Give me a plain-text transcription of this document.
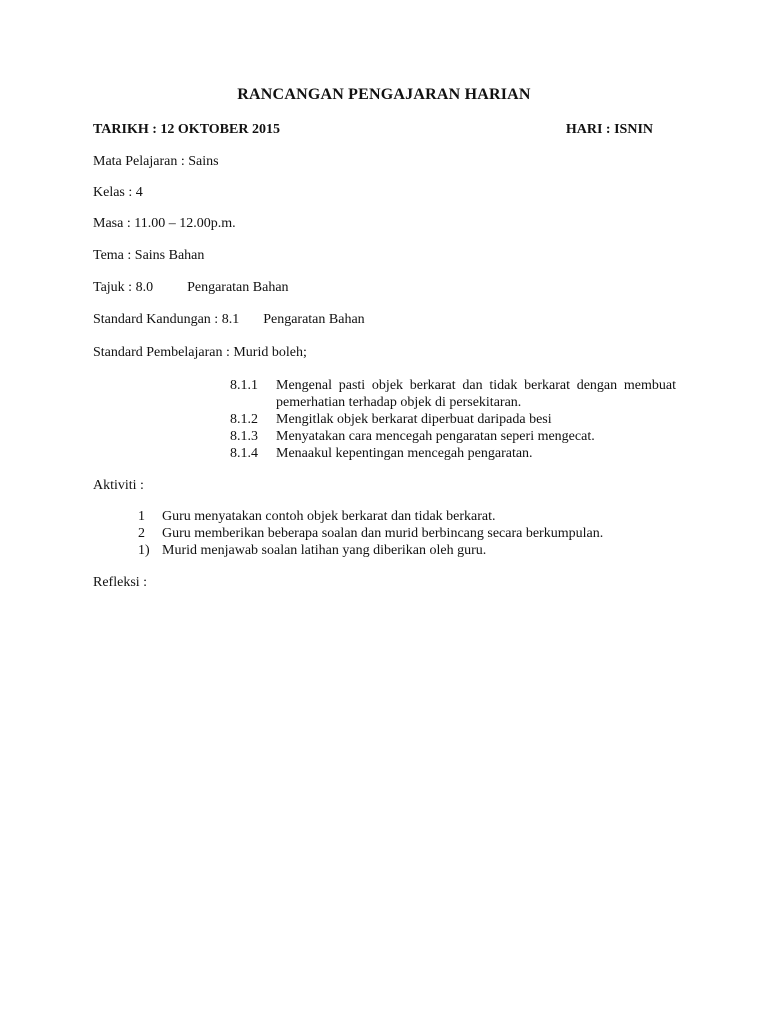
RANCANGAN PENGAJARAN HARIAN
TARIKH : 12 OKTOBER 2015	HARI : ISNIN
Mata Pelajaran : Sains
Kelas : 4
Masa : 11.00 – 12.00p.m.
Tema : Sains Bahan
Tajuk : 8.0 Pengaratan Bahan
Standard Kandungan : 8.1 Pengaratan Bahan
Standard Pembelajaran : Murid boleh;
8.1.1	Mengenal pasti objek berkarat dan tidak berkarat dengan membuat pemerhatian terhadap objek di persekitaran.
8.1.2	Mengitlak objek berkarat diperbuat daripada besi
8.1.3	Menyatakan cara mencegah pengaratan seperi mengecat.
8.1.4	Menaakul kepentingan mencegah pengaratan.
Aktiviti :
1	Guru menyatakan contoh objek berkarat dan tidak berkarat.
2	Guru memberikan beberapa soalan dan murid berbincang secara berkumpulan.
1) Murid menjawab soalan latihan yang diberikan oleh guru.
Refleksi :
